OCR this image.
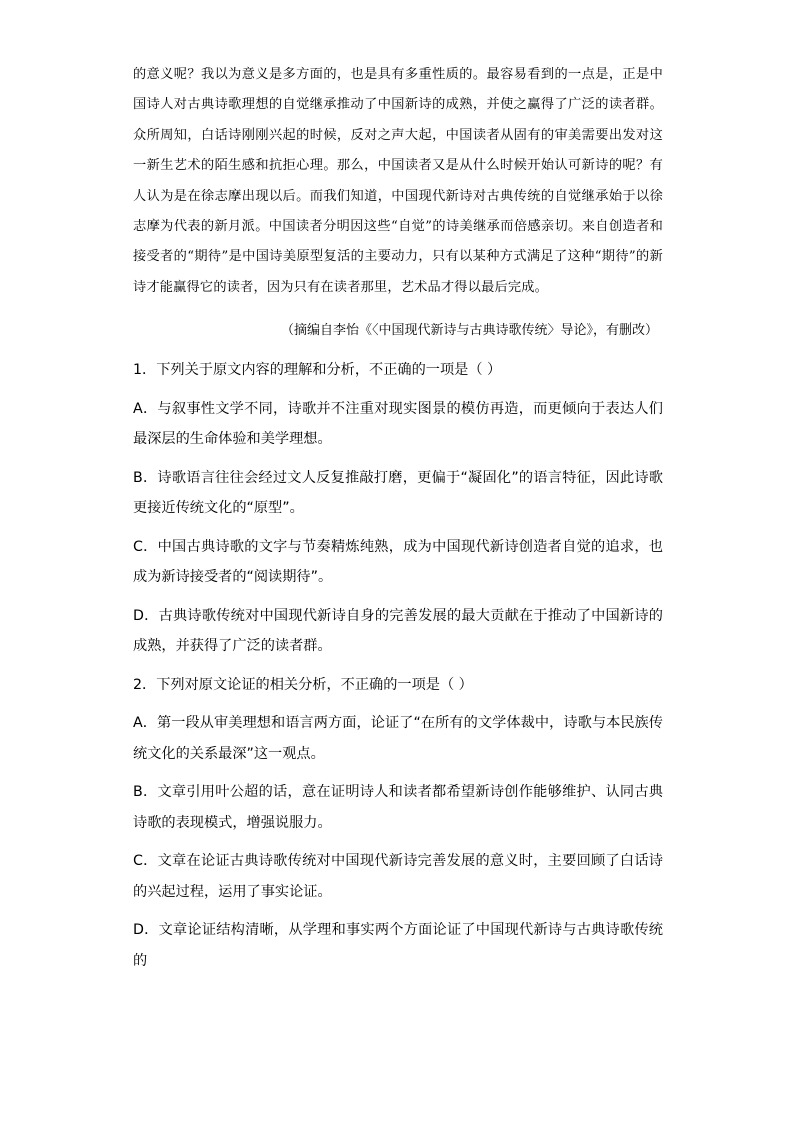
的意义呢？我以为意义是多方面的，也是具有多重性质的。最容易看到的一点是，正是中国诗人对古典诗歌理想的自觉继承推动了中国新诗的成熟，并使之赢得了广泛的读者群。众所周知，白话诗刚刚兴起的时候，反对之声大起，中国读者从固有的审美需要出发对这一新生艺术的陌生感和抗拒心理。那么，中国读者又是从什么时候开始认可新诗的呢？有人认为是在徐志摩出现以后。而我们知道，中国现代新诗对古典传统的自觉继承始于以徐志摩为代表的新月派。中国读者分明因这些“自觉”的诗美继承而倍感亲切。来自创造者和接受者的“期待”是中国诗美原型复活的主要动力，只有以某种方式满足了这种“期待”的新诗才能赢得它的读者，因为只有在读者那里，艺术品才得以最后完成。

（摘编自李怡《〈中国现代新诗与古典诗歌传统〉导论》，有删改）

1．下列关于原文内容的理解和分析，不正确的一项是（ ）

A．与叙事性文学不同，诗歌并不注重对现实图景的模仿再造，而更倾向于表达人们最深层的生命体验和美学理想。

B．诗歌语言往往会经过文人反复推敲打磨，更偏于“凝固化”的语言特征，因此诗歌更接近传统文化的“原型”。

C．中国古典诗歌的文字与节奏精炼纯熟，成为中国现代新诗创造者自觉的追求，也成为新诗接受者的“阅读期待”。

D．古典诗歌传统对中国现代新诗自身的完善发展的最大贡献在于推动了中国新诗的成熟，并获得了广泛的读者群。

2．下列对原文论证的相关分析，不正确的一项是（ ）

A．第一段从审美理想和语言两方面，论证了“在所有的文学体裁中，诗歌与本民族传统文化的关系最深”这一观点。

B．文章引用叶公超的话，意在证明诗人和读者都希望新诗创作能够维护、认同古典诗歌的表现模式，增强说服力。

C．文章在论证古典诗歌传统对中国现代新诗完善发展的意义时，主要回顾了白话诗的兴起过程，运用了事实论证。

D．文章论证结构清晰，从学理和事实两个方面论证了中国现代新诗与古典诗歌传统的
